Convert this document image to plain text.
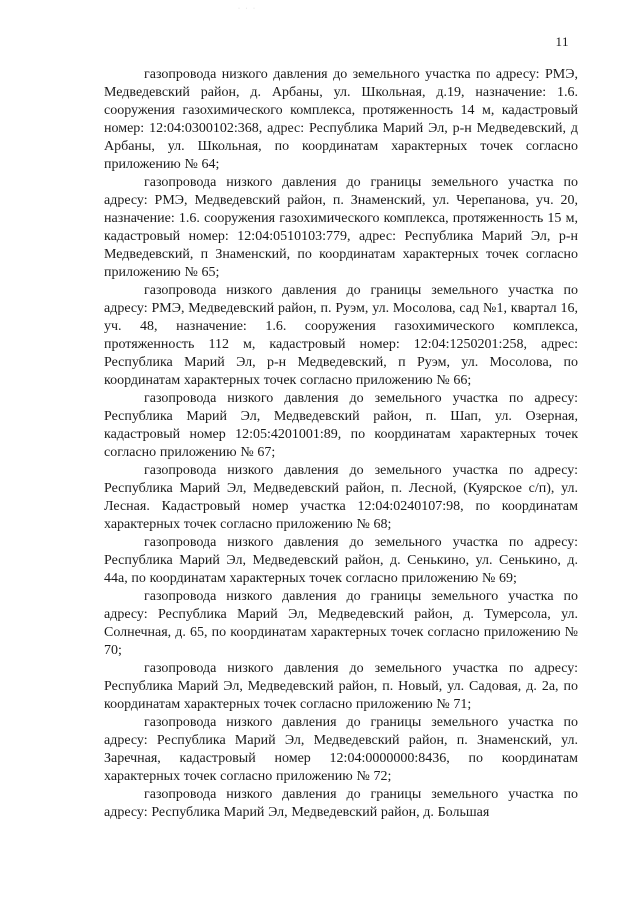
· · ·
11

газопровода низкого давления до земельного участка по адресу: РМЭ, Медведевский район, д. Арбаны, ул. Школьная, д.19, назначение: 1.6. сооружения газохимического комплекса, протяженность 14 м, кадастровый номер: 12:04:0300102:368, адрес: Республика Марий Эл, р-н Медведевский, д Арбаны, ул. Школьная, по координатам характерных точек согласно приложению № 64;

газопровода низкого давления до границы земельного участка по адресу: РМЭ, Медведевский район, п. Знаменский, ул. Черепанова, уч. 20, назначение: 1.6. сооружения газохимического комплекса, протяженность 15 м, кадастровый номер: 12:04:0510103:779, адрес: Республика Марий Эл, р-н Медведевский, п Знаменский, по координатам характерных точек согласно приложению № 65;

газопровода низкого давления до границы земельного участка по адресу: РМЭ, Медведевский район, п. Руэм, ул. Мосолова, сад №1, квартал 16, уч. 48, назначение: 1.6. сооружения газохимического комплекса, протяженность 112 м, кадастровый номер: 12:04:1250201:258, адрес: Республика Марий Эл, р-н Медведевский, п Руэм, ул. Мосолова, по координатам характерных точек согласно приложению № 66;

газопровода низкого давления до земельного участка по адресу: Республика Марий Эл, Медведевский район, п. Шап, ул. Озерная, кадастровый номер 12:05:4201001:89, по координатам характерных точек согласно приложению № 67;

газопровода низкого давления до земельного участка по адресу: Республика Марий Эл, Медведевский район, п. Лесной, (Куярское с/п), ул. Лесная. Кадастровый номер участка 12:04:0240107:98, по координатам характерных точек согласно приложению № 68;

газопровода низкого давления до земельного участка по адресу: Республика Марий Эл, Медведевский район, д. Сенькино, ул. Сенькино, д. 44а, по координатам характерных точек согласно приложению № 69;

газопровода низкого давления до границы земельного участка по адресу: Республика Марий Эл, Медведевский район, д. Тумерсола, ул. Солнечная, д. 65, по координатам характерных точек согласно приложению № 70;

газопровода низкого давления до земельного участка по адресу: Республика Марий Эл, Медведевский район, п. Новый, ул. Садовая, д. 2а, по координатам характерных точек согласно приложению № 71;

газопровода низкого давления до границы земельного участка по адресу: Республика Марий Эл, Медведевский район, п. Знаменский, ул. Заречная, кадастровый номер 12:04:0000000:8436, по координатам характерных точек согласно приложению № 72;

газопровода низкого давления до границы земельного участка по адресу: Республика Марий Эл, Медведевский район, д. Большая
